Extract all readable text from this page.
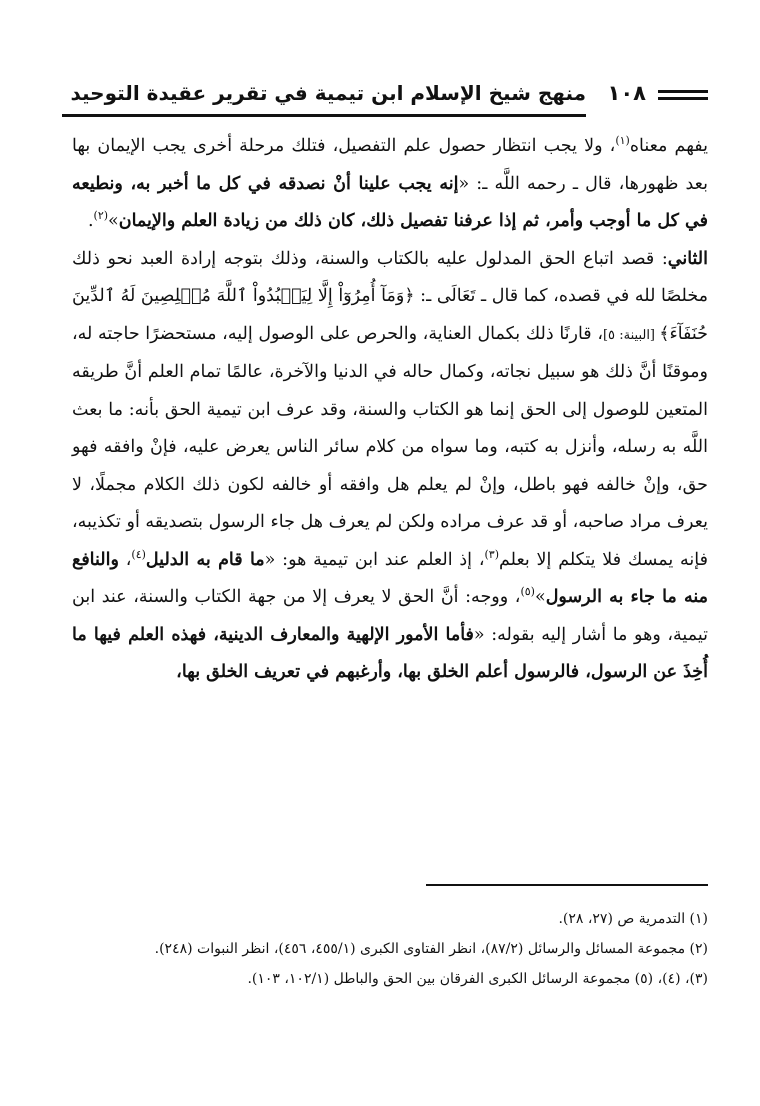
١٠٨
منهج شيخ الإسلام ابن تيمية في تقرير عقيدة التوحيد

يفهم معناه$^{(١)}$، ولا يجب انتظار حصول علم التفصيل، فتلك مرحلة أخرى يجب الإيمان بها بعد ظهورها، قال ـ رحمه اللَّه ـ: «إنه يجب علينا أنْ نصدقه في كل ما أخبر به، ونطيعه في كل ما أوجب وأمر، ثم إذا عرفنا تفصيل ذلك، كان ذلك من زيادة العلم والإيمان»$^{(٢)}$.

الثاني: قصد اتباع الحق المدلول عليه بالكتاب والسنة، وذلك بتوجه إرادة العبد نحو ذلك مخلصًا لله في قصده، كما قال ـ تَعَالَى ـ: ﴿وَمَآ أُمِرُوٓاْ إِلَّا لِيَعۡبُدُواْ ٱللَّهَ مُخۡلِصِينَ لَهُ ٱلدِّينَ حُنَفَآءَ﴾ [البينة: ٥]، قارنًا ذلك بكمال العناية، والحرص على الوصول إليه، مستحضرًا حاجته له، وموقنًا أنَّ ذلك هو سبيل نجاته، وكمال حاله في الدنيا والآخرة، عالمًا تمام العلم أنَّ طريقه المتعين للوصول إلى الحق إنما هو الكتاب والسنة، وقد عرف ابن تيمية الحق بأنه: ما بعث اللَّه به رسله، وأنزل به كتبه، وما سواه من كلام سائر الناس يعرض عليه، فإنْ وافقه فهو حق، وإنْ خالفه فهو باطل، وإنْ لم يعلم هل وافقه أو خالفه لكون ذلك الكلام مجملًا، لا يعرف مراد صاحبه، أو قد عرف مراده ولكن لم يعرف هل جاء الرسول بتصديقه أو تكذيبه، فإنه يمسك فلا يتكلم إلا بعلم$^{(٣)}$، إذ العلم عند ابن تيمية هو: «ما قام به الدليل$^{(٤)}$، والنافع منه ما جاء به الرسول»$^{(٥)}$، ووجه: أنَّ الحق لا يعرف إلا من جهة الكتاب والسنة، عند ابن تيمية، وهو ما أشار إليه بقوله: «فأما الأمور الإلهية والمعارف الدينية، فهذه العلم فيها ما أُخِذَ عن الرسول، فالرسول أعلم الخلق بها، وأرغبهم في تعريف الخلق بها،

(١) التدمرية ص (٢٧، ٢٨).

(٢) مجموعة المسائل والرسائل (٨٧/٢)، انظر الفتاوى الكبرى (٤٥٥/١، ٤٥٦)، انظر النبوات (٢٤٨).

(٣)، (٤)، (٥) مجموعة الرسائل الكبرى الفرقان بين الحق والباطل (١٠٢/١، ١٠٣).
